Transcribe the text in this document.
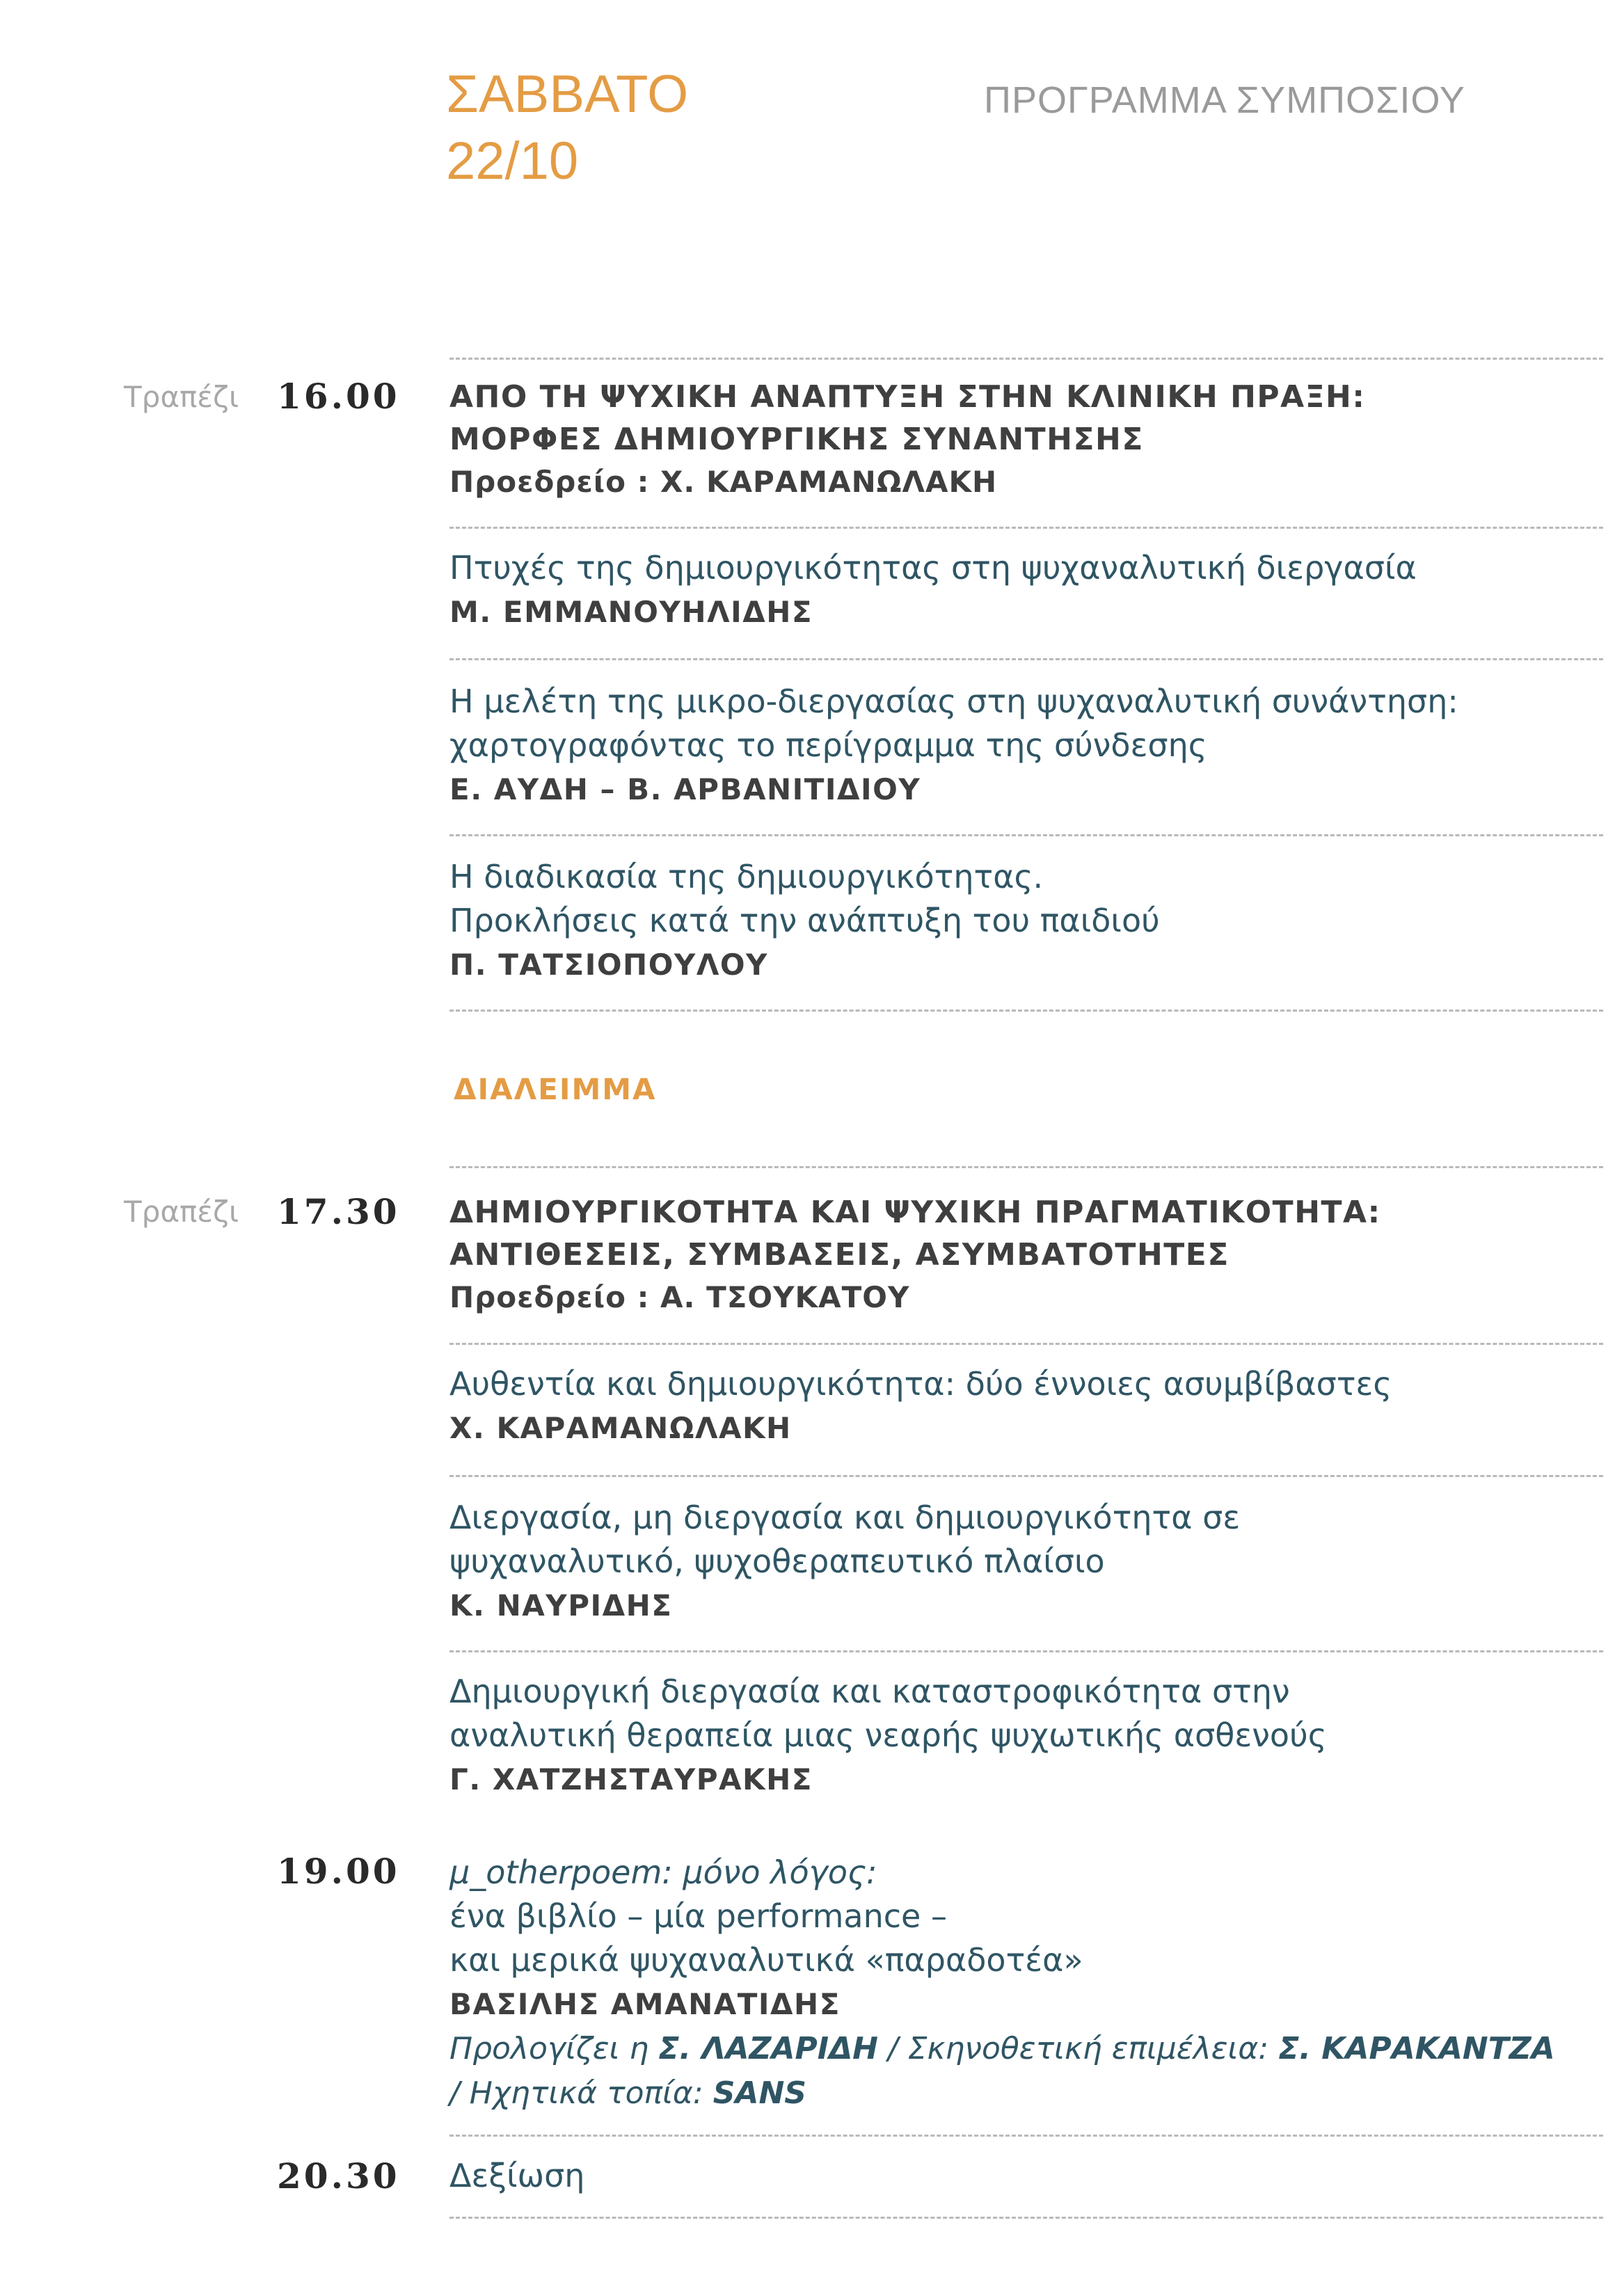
ΣΑΒΒΑΤΟ
22/10
ΠΡΟΓΡΑΜΜΑ ΣΥΜΠΟΣΙΟΥ
Τραπέζι 16.00 ΑΠΟ ΤΗ ΨΥΧΙΚΗ ΑΝΑΠΤΥΞΗ ΣΤΗΝ ΚΛΙΝΙΚΗ ΠΡΑΞΗ:
ΜΟΡΦΕΣ ΔΗΜΙΟΥΡΓΙΚΗΣ ΣΥΝΑΝΤΗΣΗΣ
Προεδρείο : Χ. ΚΑΡΑΜΑΝΩΛΑΚΗ
Πτυχές της δημιουργικότητας στη ψυχαναλυτική διεργασία
Μ. ΕΜΜΑΝΟΥΗΛΙΔΗΣ
Η μελέτη της μικρο-διεργασίας στη ψυχαναλυτική συνάντηση:
χαρτογραφόντας το περίγραμμα της σύνδεσης
Ε. ΑΥΔΗ – Β. ΑΡΒΑΝΙΤΙΔΙΟΥ
Η διαδικασία της δημιουργικότητας.
Προκλήσεις κατά την ανάπτυξη του παιδιού
Π. ΤΑΤΣΙΟΠΟΥΛΟΥ
ΔΙΑΛΕΙΜΜΑ
Τραπέζι 17.30 ΔΗΜΙΟΥΡΓΙΚΟΤΗΤΑ ΚΑΙ ΨΥΧΙΚΗ ΠΡΑΓΜΑΤΙΚΟΤΗΤΑ:
ΑΝΤΙΘΕΣΕΙΣ, ΣΥΜΒΑΣΕΙΣ, ΑΣΥΜΒΑΤΟΤΗΤΕΣ
Προεδρείο : Α. ΤΣΟΥΚΑΤΟΥ
Αυθεντία και δημιουργικότητα: δύο έννοιες ασυμβίβαστες
Χ. ΚΑΡΑΜΑΝΩΛΑΚΗ
Διεργασία, μη διεργασία και δημιουργικότητα σε
ψυχαναλυτικό, ψυχοθεραπευτικό πλαίσιο
Κ. ΝΑΥΡΙΔΗΣ
Δημιουργική διεργασία και καταστροφικότητα στην
αναλυτική θεραπεία μιας νεαρής ψυχωτικής ασθενούς
Γ. ΧΑΤΖΗΣΤΑΥΡΑΚΗΣ
19.00 μ_otherpoem: μόνο λόγος:
ένα βιβλίο – μία performance –
και μερικά ψυχαναλυτικά «παραδοτέα»
ΒΑΣΙΛΗΣ ΑΜΑΝΑΤΙΔΗΣ
Προλογίζει η Σ. ΛΑΖΑΡΙΔΗ / Σκηνοθετική επιμέλεια: Σ. ΚΑΡΑΚΑΝΤΖΑ
/ Ηχητικά τοπία: SANS
20.30 Δεξίωση
